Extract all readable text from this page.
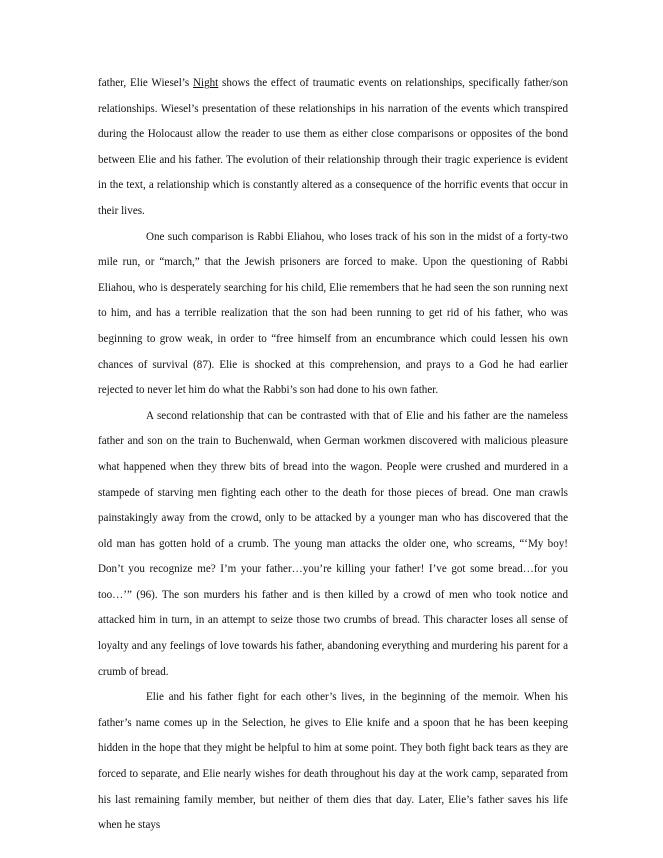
father, Elie Wiesel’s Night shows the effect of traumatic events on relationships, specifically father/son relationships. Wiesel’s presentation of these relationships in his narration of the events which transpired during the Holocaust allow the reader to use them as either close comparisons or opposites of the bond between Elie and his father. The evolution of their relationship through their tragic experience is evident in the text, a relationship which is constantly altered as a consequence of the horrific events that occur in their lives.

One such comparison is Rabbi Eliahou, who loses track of his son in the midst of a forty-two mile run, or “march,” that the Jewish prisoners are forced to make. Upon the questioning of Rabbi Eliahou, who is desperately searching for his child, Elie remembers that he had seen the son running next to him, and has a terrible realization that the son had been running to get rid of his father, who was beginning to grow weak, in order to “free himself from an encumbrance which could lessen his own chances of survival (87). Elie is shocked at this comprehension, and prays to a God he had earlier rejected to never let him do what the Rabbi’s son had done to his own father.

A second relationship that can be contrasted with that of Elie and his father are the nameless father and son on the train to Buchenwald, when German workmen discovered with malicious pleasure what happened when they threw bits of bread into the wagon. People were crushed and murdered in a stampede of starving men fighting each other to the death for those pieces of bread. One man crawls painstakingly away from the crowd, only to be attacked by a younger man who has discovered that the old man has gotten hold of a crumb. The young man attacks the older one, who screams, “‘My boy! Don’t you recognize me? I’m your father…you’re killing your father! I’ve got some bread…for you too…’” (96). The son murders his father and is then killed by a crowd of men who took notice and attacked him in turn, in an attempt to seize those two crumbs of bread. This character loses all sense of loyalty and any feelings of love towards his father, abandoning everything and murdering his parent for a crumb of bread.

Elie and his father fight for each other’s lives, in the beginning of the memoir. When his father’s name comes up in the Selection, he gives to Elie knife and a spoon that he has been keeping hidden in the hope that they might be helpful to him at some point. They both fight back tears as they are forced to separate, and Elie nearly wishes for death throughout his day at the work camp, separated from his last remaining family member, but neither of them dies that day. Later, Elie’s father saves his life when he stays
